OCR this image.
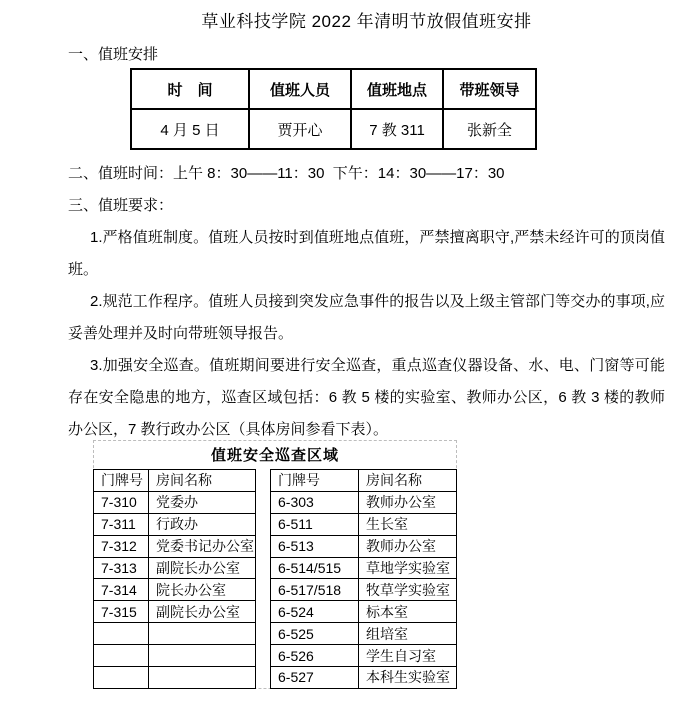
草业科技学院 2022 年清明节放假值班安排
一、值班安排
时　间	值班人员	值班地点	带班领导
4 月 5 日	贾开心	7 教 311	张新全
二、值班时间：上午 8：30——11：30  下午：14：30——17：30
三、值班要求：

1.严格值班制度。值班人员按时到值班地点值班，严禁擅离职守,严禁未经许可的顶岗值班。

2.规范工作程序。值班人员接到突发应急事件的报告以及上级主管部门等交办的事项,应妥善处理并及时向带班领导报告。

3.加强安全巡查。值班期间要进行安全巡查，重点巡查仪器设备、水、电、门窗等可能存在安全隐患的地方，巡查区域包括：6 教 5 楼的实验室、教师办公区，6 教 3 楼的教师办公区，7 教行政办公区（具体房间参看下表）。

值班安全巡查区域
门牌号	房间名称
7-310	党委办
7-311	行政办
7-312	党委书记办公室
7-313	副院长办公室
7-314	院长办公室
7-315	副院长办公室

门牌号	房间名称
6-303	教师办公室
6-511	生长室
6-513	教师办公室
6-514/515	草地学实验室
6-517/518	牧草学实验室
6-524	标本室
6-525	组培室
6-526	学生自习室
6-527	本科生实验室
